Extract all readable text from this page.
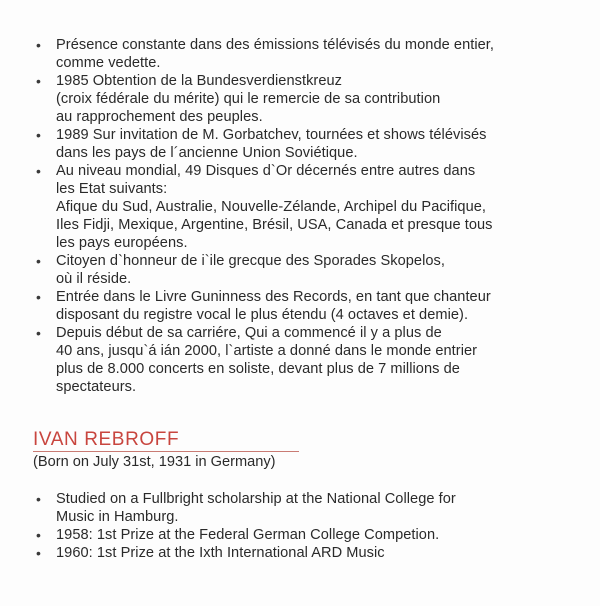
• Présence constante dans des émissions télévisés du monde entier,
comme vedette.
• 1985 Obtention de la Bundesverdienstkreuz
(croix fédérale du mérite) qui le remercie de sa contribution
au rapprochement des peuples.
• 1989 Sur invitation de M. Gorbatchev, tournées et shows télévisés
dans les pays de l´ancienne Union Soviétique.
• Au niveau mondial, 49 Disques d`Or décernés entre autres dans
les Etat suivants:
Afique du Sud, Australie, Nouvelle-Zélande, Archipel du Pacifique,
Iles Fidji, Mexique, Argentine, Brésil, USA, Canada et presque tous
les pays européens.
• Citoyen d`honneur de i`ile grecque des Sporades Skopelos,
où il réside.
• Entrée dans le Livre Guninness des Records, en tant que chanteur
disposant du registre vocal le plus étendu (4 octaves et demie).
• Depuis début de sa carriére, Qui a commencé il y a plus de
40 ans, jusqu`á ián 2000, l`artiste a donné dans le monde entrier
plus de 8.000 concerts en soliste, devant plus de 7 millions de
spectateurs.
IVAN REBROFF
(Born on July 31st, 1931 in Germany)
• Studied on a Fullbright scholarship at the National College for
Music in Hamburg.
• 1958: 1st Prize at the Federal German College Competion.
• 1960: 1st Prize at the Ixth International ARD Music
